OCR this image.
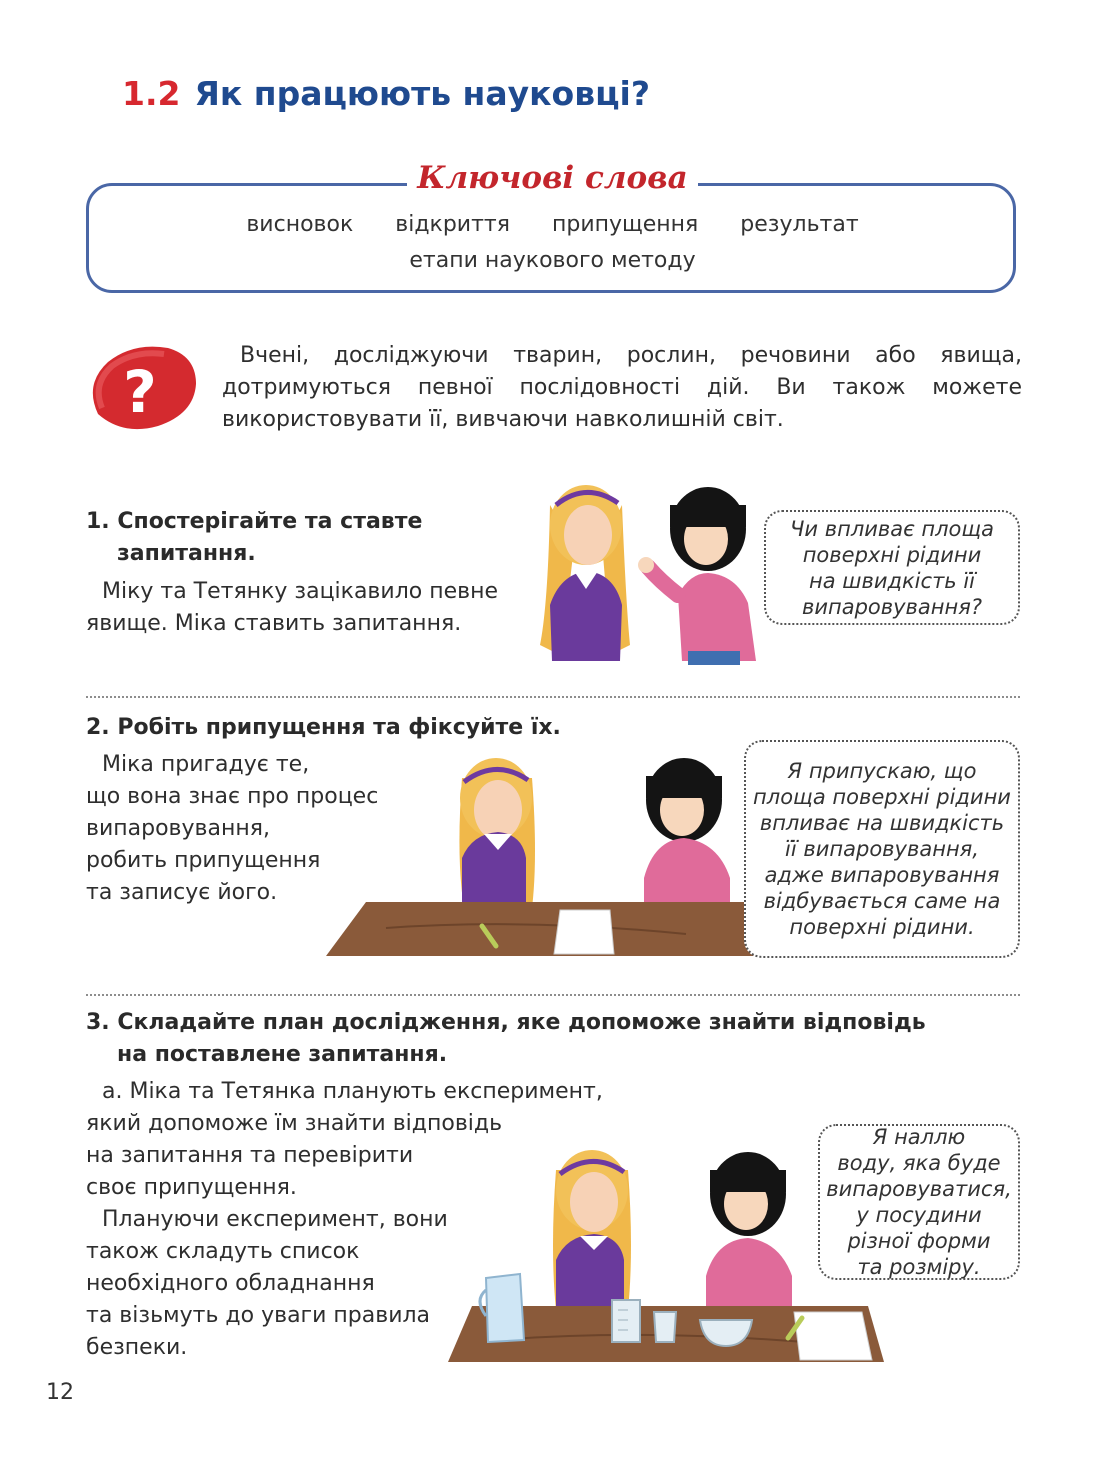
1.2 Як працюють науковці?
Ключові слова
висновок відкриття припущення результат
етапи наукового методу
?
Вчені, досліджуючи тварин, рослин, речовини або явища, дотримуються певної послідовності дій. Ви також можете використовувати її, вивчаючи навколишній світ.
1. Спостерігайте та ставте
запитання.
Міку та Тетянку зацікавило певне
явище. Міка ставить запитання.
Чи впливає площа
поверхні рідини
на швидкість її
випаровування?
2. Робіть припущення та фіксуйте їх.
Міка пригадує те,
що вона знає про процес
випаровування,
робить припущення
та записує його.
Я припускаю, що
площа поверхні рідини
впливає на швидкість
її випаровування,
адже випаровування
відбувається саме на
поверхні рідини.
3. Складайте план дослідження, яке допоможе знайти відповідь
на поставлене запитання.
а. Міка та Тетянка планують експеримент,
який допоможе їм знайти відповідь
на запитання та перевірити
своє припущення.
Плануючи експеримент, вони
також складуть список
необхідного обладнання
та візьмуть до уваги правила
безпеки.
Я наллю
воду, яка буде
випаровуватися,
у посудини
різної форми
та розміру.
12
